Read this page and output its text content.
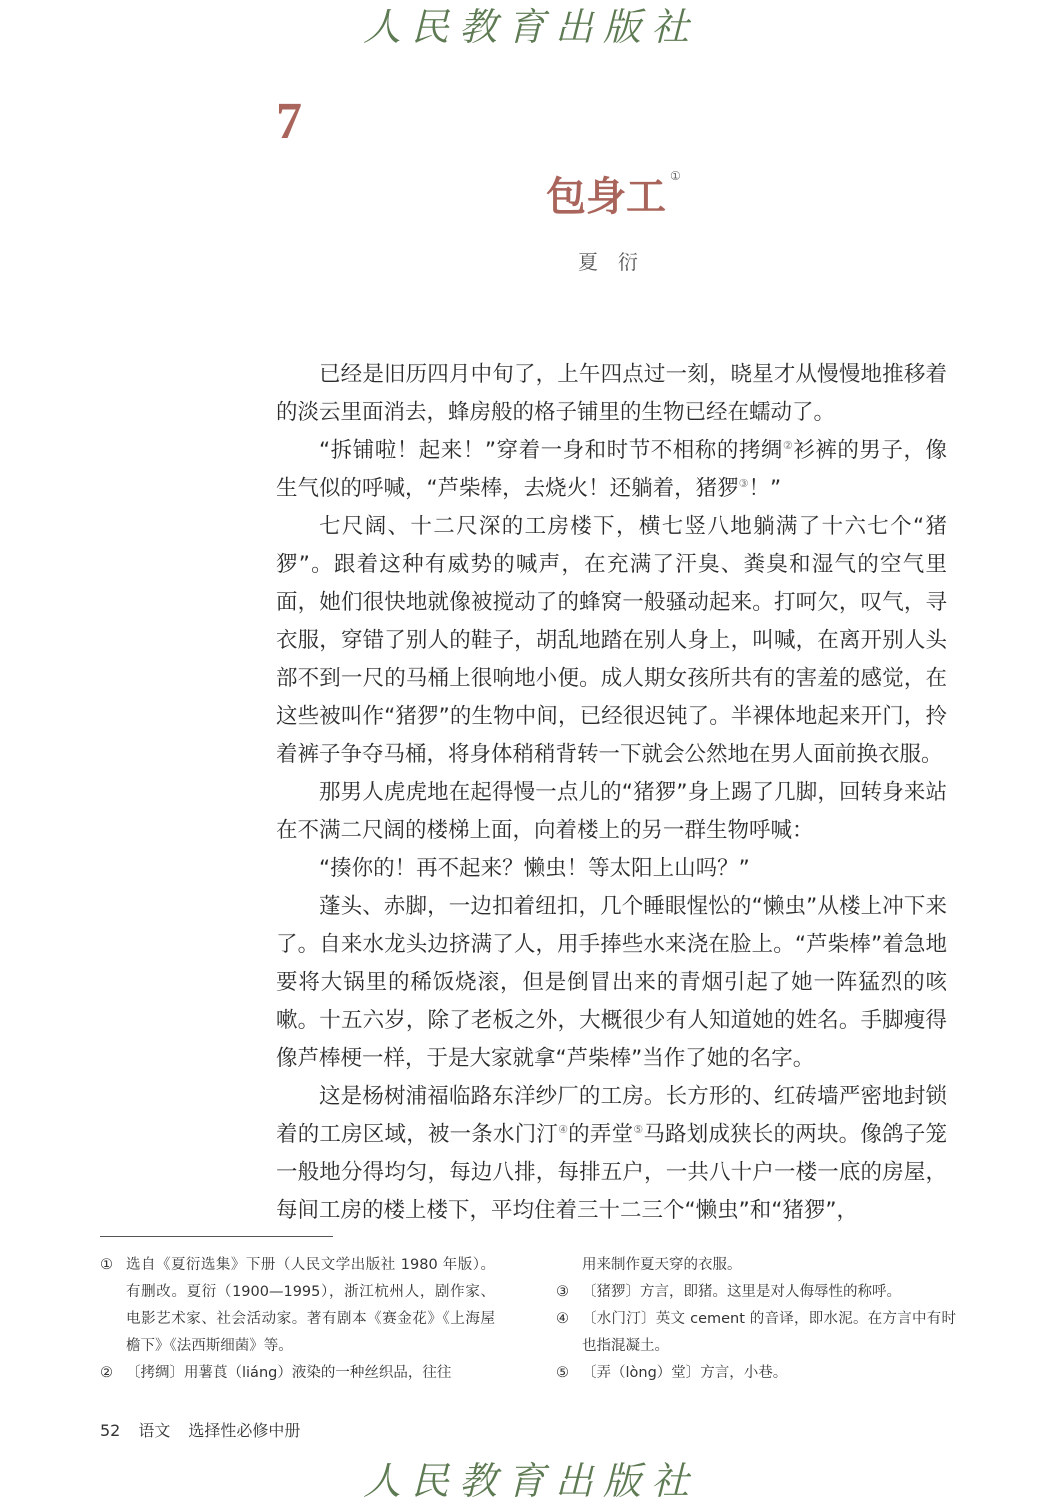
人民教育出版社
7
包身工 ①
夏衍

已经是旧历四月中旬了，上午四点过一刻，晓星才从慢慢地推移着的淡云里面消去，蜂房般的格子铺里的生物已经在蠕动了。

“拆铺啦！起来！”穿着一身和时节不相称的拷绸②衫裤的男子，像生气似的呼喊，“芦柴棒，去烧火！还躺着，猪猡③！”

七尺阔、十二尺深的工房楼下，横七竖八地躺满了十六七个“猪猡”。跟着这种有威势的喊声，在充满了汗臭、粪臭和湿气的空气里面，她们很快地就像被搅动了的蜂窝一般骚动起来。打呵欠，叹气，寻衣服，穿错了别人的鞋子，胡乱地踏在别人身上，叫喊，在离开别人头部不到一尺的马桶上很响地小便。成人期女孩所共有的害羞的感觉，在这些被叫作“猪猡”的生物中间，已经很迟钝了。半裸体地起来开门，拎着裤子争夺马桶，将身体稍稍背转一下就会公然地在男人面前换衣服。

那男人虎虎地在起得慢一点儿的“猪猡”身上踢了几脚，回转身来站在不满二尺阔的楼梯上面，向着楼上的另一群生物呼喊：

“揍你的！再不起来？懒虫！等太阳上山吗？”

蓬头、赤脚，一边扣着纽扣，几个睡眼惺忪的“懒虫”从楼上冲下来了。自来水龙头边挤满了人，用手捧些水来浇在脸上。“芦柴棒”着急地要将大锅里的稀饭烧滚，但是倒冒出来的青烟引起了她一阵猛烈的咳嗽。十五六岁，除了老板之外，大概很少有人知道她的姓名。手脚瘦得像芦棒梗一样，于是大家就拿“芦柴棒”当作了她的名字。

这是杨树浦福临路东洋纱厂的工房。长方形的、红砖墙严密地封锁着的工房区域，被一条水门汀④的弄堂⑤马路划成狭长的两块。像鸽子笼一般地分得均匀，每边八排，每排五户，一共八十户一楼一底的房屋，每间工房的楼上楼下，平均住着三十二三个“懒虫”和“猪猡”，

① 选自《夏衍选集》下册（人民文学出版社 1980 年版）。有删改。夏衍（1900—1995），浙江杭州人，剧作家、电影艺术家、社会活动家。著有剧本《赛金花》《上海屋檐下》《法西斯细菌》等。
② 〔拷绸〕用薯莨（liáng）液染的一种丝织品，往往

用来制作夏天穿的衣服。

③ 〔猪猡〕方言，即猪。这里是对人侮辱性的称呼。
④ 〔水门汀〕英文 cement 的音译，即水泥。在方言中有时也指混凝土。
⑤ 〔弄（lòng）堂〕方言，小巷。
52 语文 选择性必修中册
人民教育出版社
